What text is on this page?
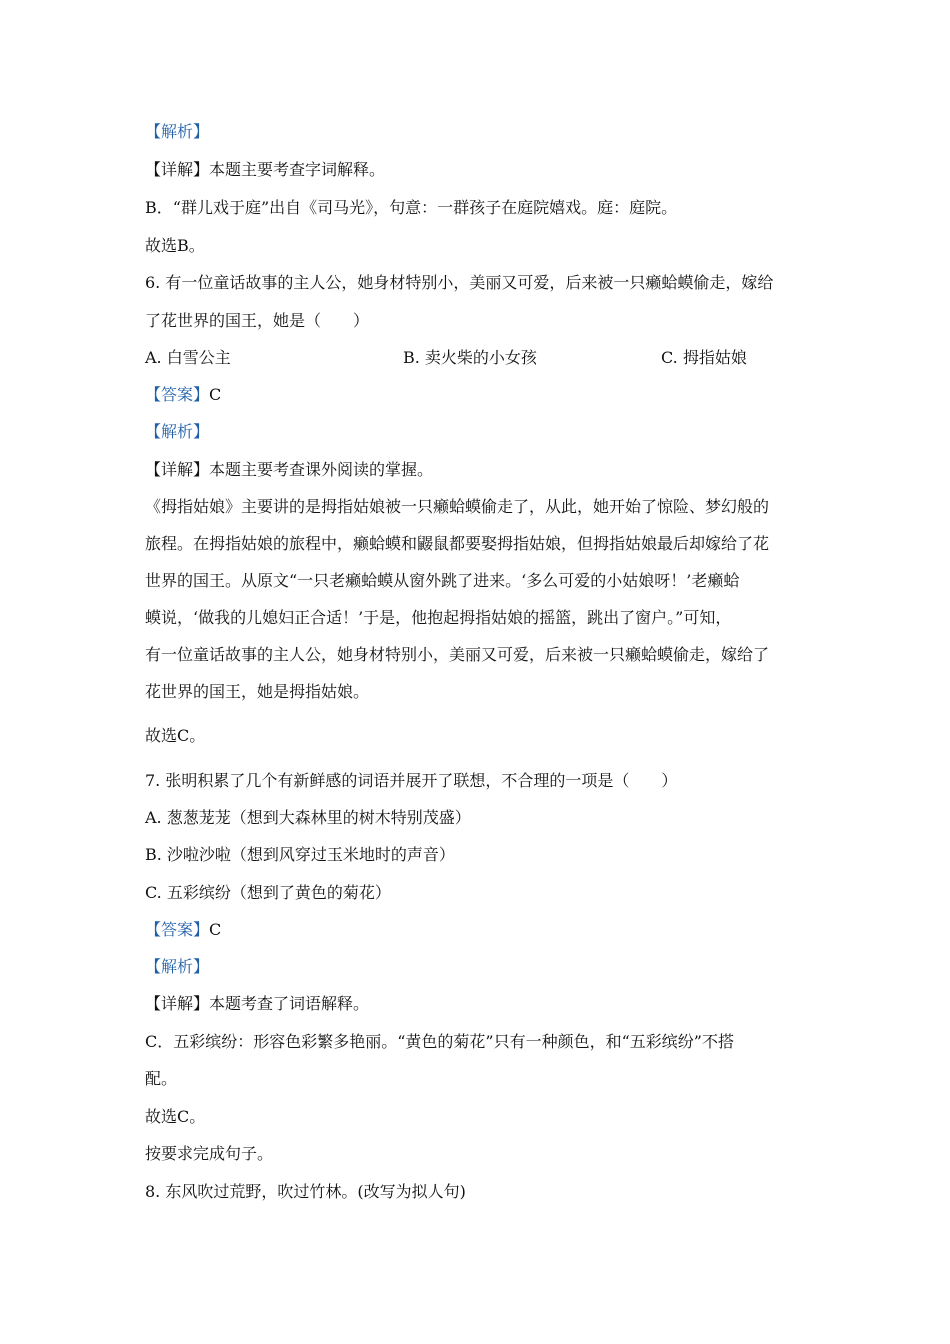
【解析】
【详解】本题主要考查字词解释。
B．“群儿戏于庭”出自《司马光》，句意：一群孩子在庭院嬉戏。庭：庭院。
故选B。
6. 有一位童话故事的主人公，她身材特别小，美丽又可爱，后来被一只癞蛤蟆偷走，嫁给
了花世界的国王，她是（　　）
A. 白雪公主	B. 卖火柴的小女孩	C. 拇指姑娘
【答案】C
【解析】
【详解】本题主要考查课外阅读的掌握。
《拇指姑娘》主要讲的是拇指姑娘被一只癞蛤蟆偷走了，从此，她开始了惊险、梦幻般的
旅程。在拇指姑娘的旅程中，癞蛤蟆和鼹鼠都要娶拇指姑娘，但拇指姑娘最后却嫁给了花
世界的国王。从原文“一只老癞蛤蟆从窗外跳了进来。‘多么可爱的小姑娘呀！’老癞蛤
蟆说，‘做我的儿媳妇正合适！’于是，他抱起拇指姑娘的摇篮，跳出了窗户。”可知，
有一位童话故事的主人公，她身材特别小，美丽又可爱，后来被一只癞蛤蟆偷走，嫁给了
花世界的国王，她是拇指姑娘。
故选C。
7. 张明积累了几个有新鲜感的词语并展开了联想，不合理的一项是（　　）
A. 葱葱茏茏（想到大森林里的树木特别茂盛）
B. 沙啦沙啦（想到风穿过玉米地时的声音）
C. 五彩缤纷（想到了黄色的菊花）
【答案】C
【解析】
【详解】本题考查了词语解释。
C．五彩缤纷：形容色彩繁多艳丽。“黄色的菊花”只有一种颜色，和“五彩缤纷”不搭
配。
故选C。
按要求完成句子。
8. 东风吹过荒野，吹过竹林。(改写为拟人句)
